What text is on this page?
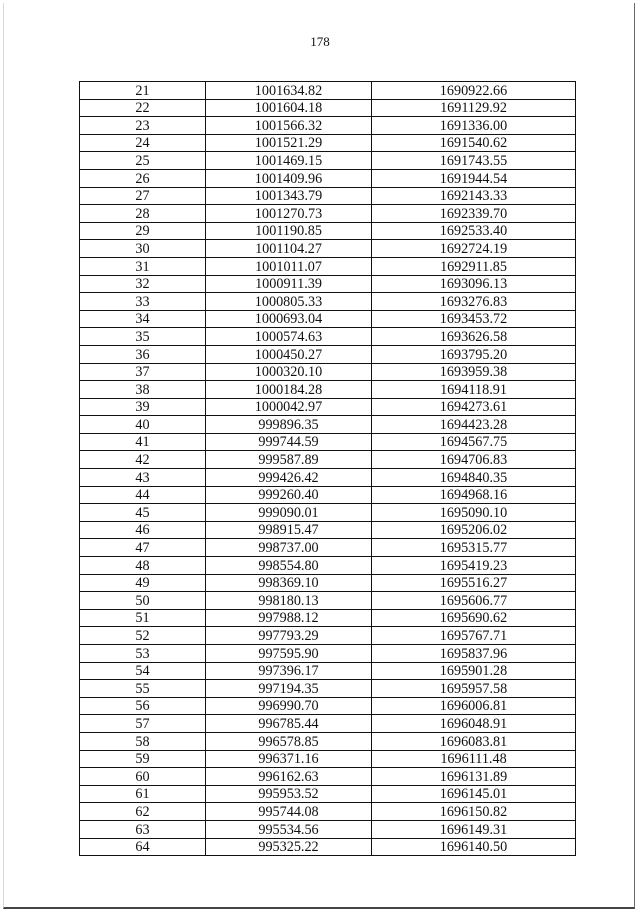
178
21	1001634.82	1690922.66
22	1001604.18	1691129.92
23	1001566.32	1691336.00
24	1001521.29	1691540.62
25	1001469.15	1691743.55
26	1001409.96	1691944.54
27	1001343.79	1692143.33
28	1001270.73	1692339.70
29	1001190.85	1692533.40
30	1001104.27	1692724.19
31	1001011.07	1692911.85
32	1000911.39	1693096.13
33	1000805.33	1693276.83
34	1000693.04	1693453.72
35	1000574.63	1693626.58
36	1000450.27	1693795.20
37	1000320.10	1693959.38
38	1000184.28	1694118.91
39	1000042.97	1694273.61
40	999896.35	1694423.28
41	999744.59	1694567.75
42	999587.89	1694706.83
43	999426.42	1694840.35
44	999260.40	1694968.16
45	999090.01	1695090.10
46	998915.47	1695206.02
47	998737.00	1695315.77
48	998554.80	1695419.23
49	998369.10	1695516.27
50	998180.13	1695606.77
51	997988.12	1695690.62
52	997793.29	1695767.71
53	997595.90	1695837.96
54	997396.17	1695901.28
55	997194.35	1695957.58
56	996990.70	1696006.81
57	996785.44	1696048.91
58	996578.85	1696083.81
59	996371.16	1696111.48
60	996162.63	1696131.89
61	995953.52	1696145.01
62	995744.08	1696150.82
63	995534.56	1696149.31
64	995325.22	1696140.50
